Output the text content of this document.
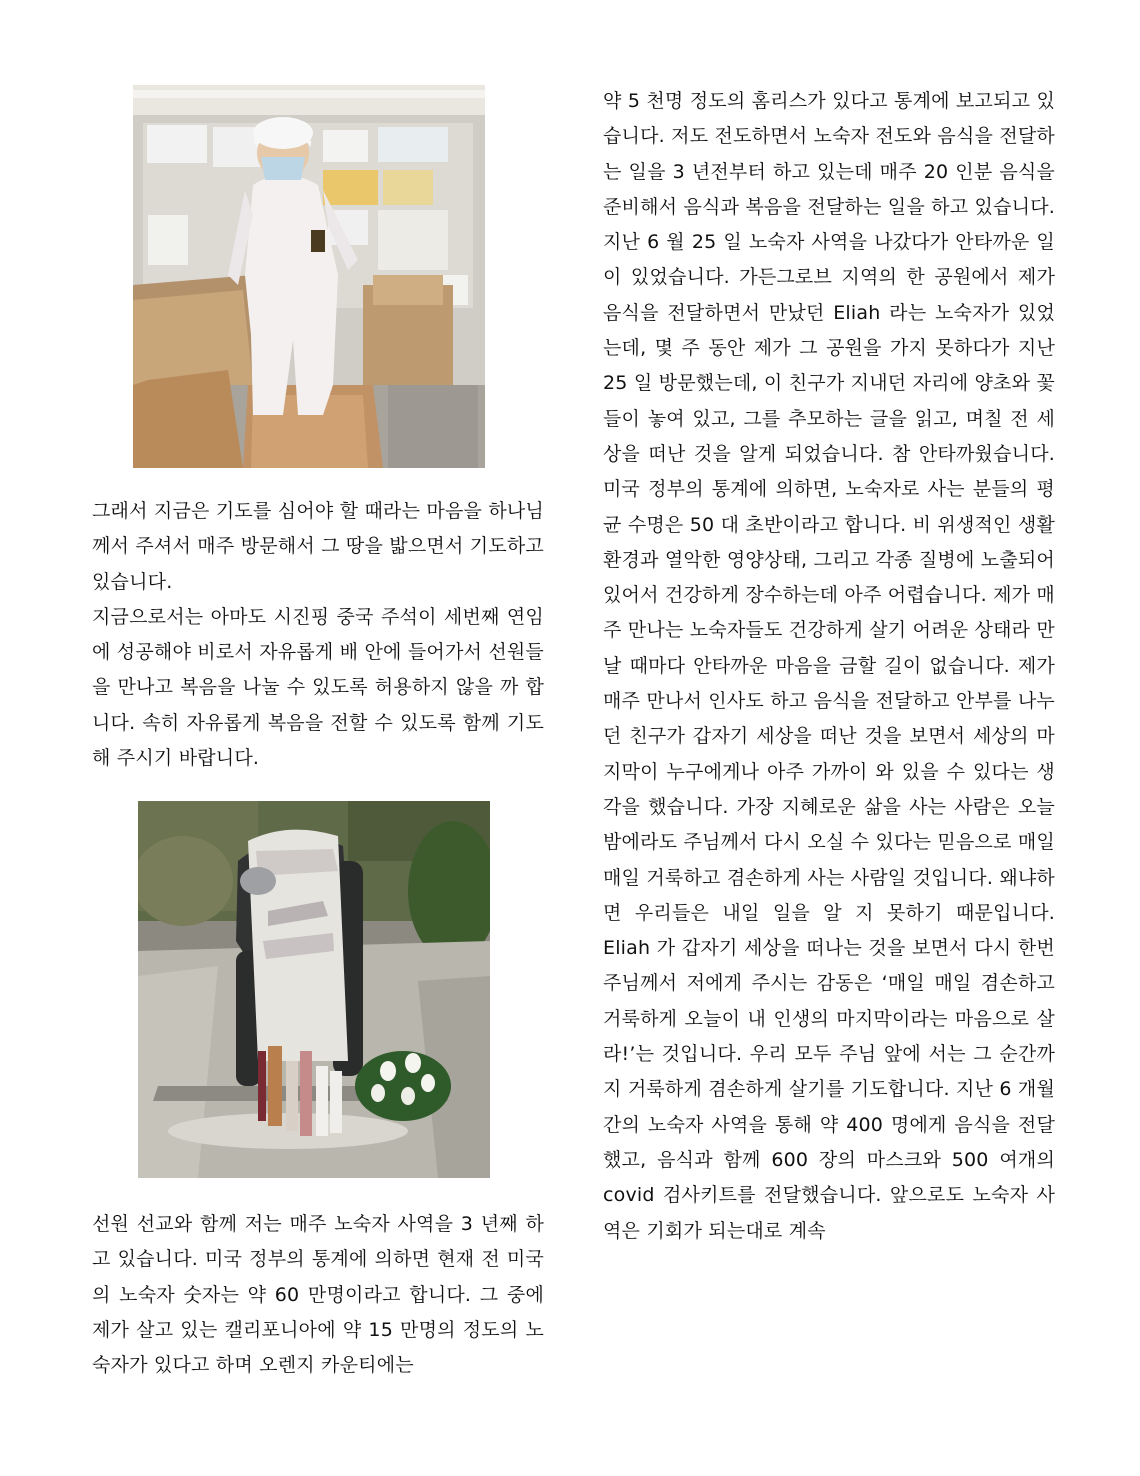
그래서 지금은 기도를 심어야 할 때라는 마음을 하나님께서 주셔서 매주 방문해서 그 땅을 밟으면서 기도하고 있습니다.

지금으로서는 아마도 시진핑 중국 주석이 세번째 연임에 성공해야 비로서 자유롭게 배 안에 들어가서 선원들을 만나고 복음을 나눌 수 있도록 허용하지 않을 까 합니다. 속히 자유롭게 복음을 전할 수 있도록 함께 기도해 주시기 바랍니다.

선원 선교와 함께 저는 매주 노숙자 사역을 3 년째 하고 있습니다. 미국 정부의 통계에 의하면 현재 전 미국의 노숙자 숫자는 약 60 만명이라고 합니다. 그 중에 제가 살고 있는 캘리포니아에 약 15 만명의 정도의 노숙자가 있다고 하며 오렌지 카운티에는

약 5 천명 정도의 홈리스가 있다고 통계에 보고되고 있습니다. 저도 전도하면서 노숙자 전도와 음식을 전달하는 일을 3 년전부터 하고 있는데 매주 20 인분 음식을 준비해서 음식과 복음을 전달하는 일을 하고 있습니다. 지난 6 월 25 일 노숙자 사역을 나갔다가 안타까운 일이 있었습니다. 가든그로브 지역의 한 공원에서 제가 음식을 전달하면서 만났던 Eliah 라는 노숙자가 있었는데, 몇 주 동안 제가 그 공원을 가지 못하다가 지난 25 일 방문했는데, 이 친구가 지내던 자리에 양초와 꽃들이 놓여 있고, 그를 추모하는 글을 읽고, 며칠 전 세상을 떠난 것을 알게 되었습니다. 참 안타까웠습니다. 미국 정부의 통계에 의하면, 노숙자로 사는 분들의 평균 수명은 50 대 초반이라고 합니다. 비 위생적인 생활 환경과 열악한 영양상태, 그리고 각종 질병에 노출되어 있어서 건강하게 장수하는데 아주 어렵습니다. 제가 매주 만나는 노숙자들도 건강하게 살기 어려운 상태라 만날 때마다 안타까운 마음을 금할 길이 없습니다. 제가 매주 만나서 인사도 하고 음식을 전달하고 안부를 나누던 친구가 갑자기 세상을 떠난 것을 보면서 세상의 마지막이 누구에게나 아주 가까이 와 있을 수 있다는 생각을 했습니다. 가장 지혜로운 삶을 사는 사람은 오늘 밤에라도 주님께서 다시 오실 수 있다는 믿음으로 매일 매일 거룩하고 겸손하게 사는 사람일 것입니다. 왜냐하면 우리들은 내일 일을 알 지 못하기 때문입니다. Eliah 가 갑자기 세상을 떠나는 것을 보면서 다시 한번 주님께서 저에게 주시는 감동은 ‘매일 매일 겸손하고 거룩하게 오늘이 내 인생의 마지막이라는 마음으로 살라!’는 것입니다. 우리 모두 주님 앞에 서는 그 순간까지 거룩하게 겸손하게 살기를 기도합니다. 지난 6 개월간의 노숙자 사역을 통해 약 400 명에게 음식을 전달했고, 음식과 함께 600 장의 마스크와 500 여개의 covid 검사키트를 전달했습니다. 앞으로도 노숙자 사역은 기회가 되는대로 계속
